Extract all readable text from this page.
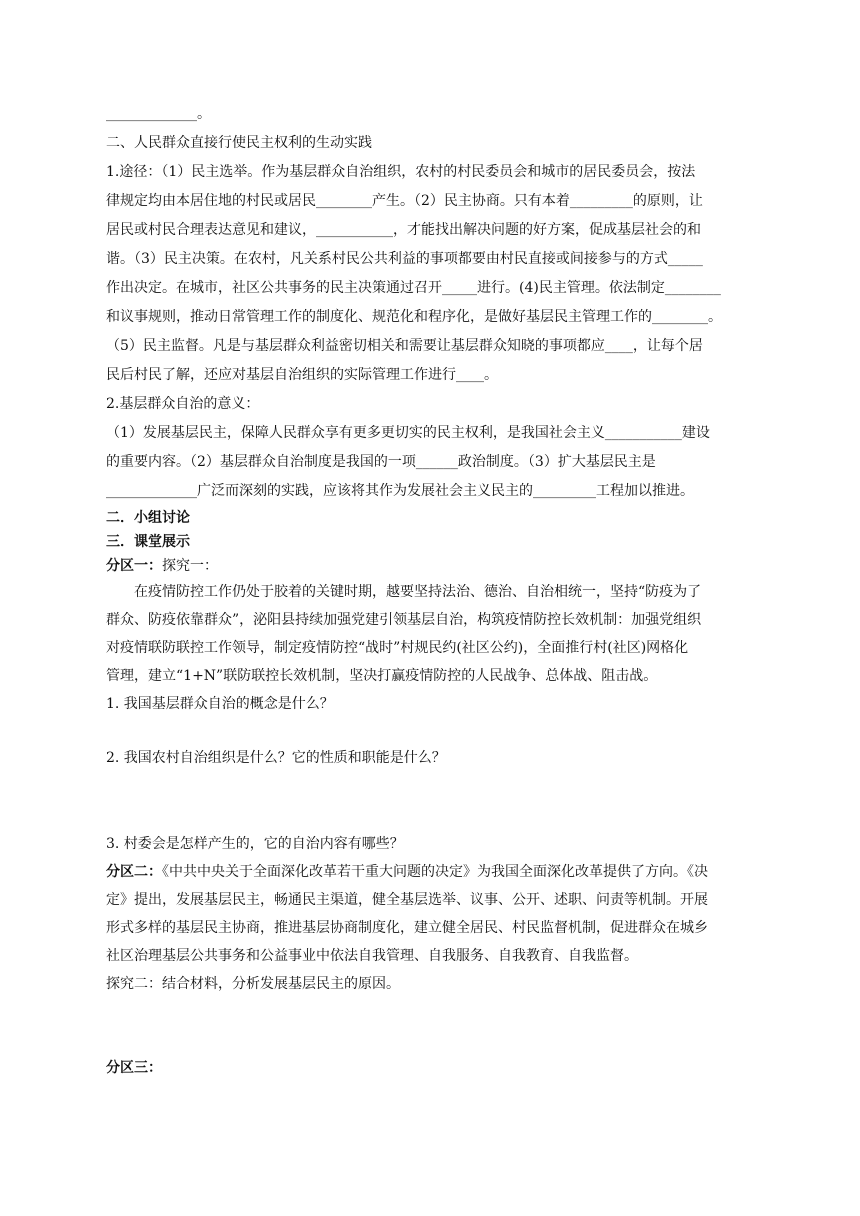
_____________。

二、人民群众直接行使民主权利的生动实践

1.途径：（1）民主选举。作为基层群众自治组织，农村的村民委员会和城市的居民委员会，按法

律规定均由本居住地的村民或居民________产生。（2）民主协商。只有本着_________的原则，让

居民或村民合理表达意见和建议，___________，才能找出解决问题的好方案，促成基层社会的和

谐。（3）民主决策。在农村，凡关系村民公共利益的事项都要由村民直接或间接参与的方式_____

作出决定。在城市，社区公共事务的民主决策通过召开_____进行。(4)民主管理。依法制定________

和议事规则，推动日常管理工作的制度化、规范化和程序化，是做好基层民主管理工作的________。

（5）民主监督。凡是与基层群众利益密切相关和需要让基层群众知晓的事项都应____，让每个居

民后村民了解，还应对基层自治组织的实际管理工作进行____。

2.基层群众自治的意义：

（1）发展基层民主，保障人民群众享有更多更切实的民主权利，是我国社会主义___________建设

的重要内容。（2）基层群众自治制度是我国的一项______政治制度。（3）扩大基层民主是

_____________广泛而深刻的实践，应该将其作为发展社会主义民主的_________工程加以推进。

二．小组讨论

三．课堂展示

分区一：探究一：

在疫情防控工作仍处于胶着的关键时期，越要坚持法治、德治、自治相统一，坚持“防疫为了

群众、防疫依靠群众”，泌阳县持续加强党建引领基层自治，构筑疫情防控长效机制：加强党组织

对疫情联防联控工作领导，制定疫情防控“战时”村规民约(社区公约)，全面推行村(社区)网格化

管理，建立“1+N”联防联控长效机制，坚决打赢疫情防控的人民战争、总体战、阻击战。

1. 我国基层群众自治的概念是什么？

2. 我国农村自治组织是什么？它的性质和职能是什么？

3. 村委会是怎样产生的，它的自治内容有哪些？

分区二：《中共中央关于全面深化改革若干重大问题的决定》为我国全面深化改革提供了方向。《决

定》提出，发展基层民主，畅通民主渠道，健全基层选举、议事、公开、述职、问责等机制。开展

形式多样的基层民主协商，推进基层协商制度化，建立健全居民、村民监督机制，促进群众在城乡

社区治理基层公共事务和公益事业中依法自我管理、自我服务、自我教育、自我监督。

探究二：结合材料，分析发展基层民主的原因。

分区三：
